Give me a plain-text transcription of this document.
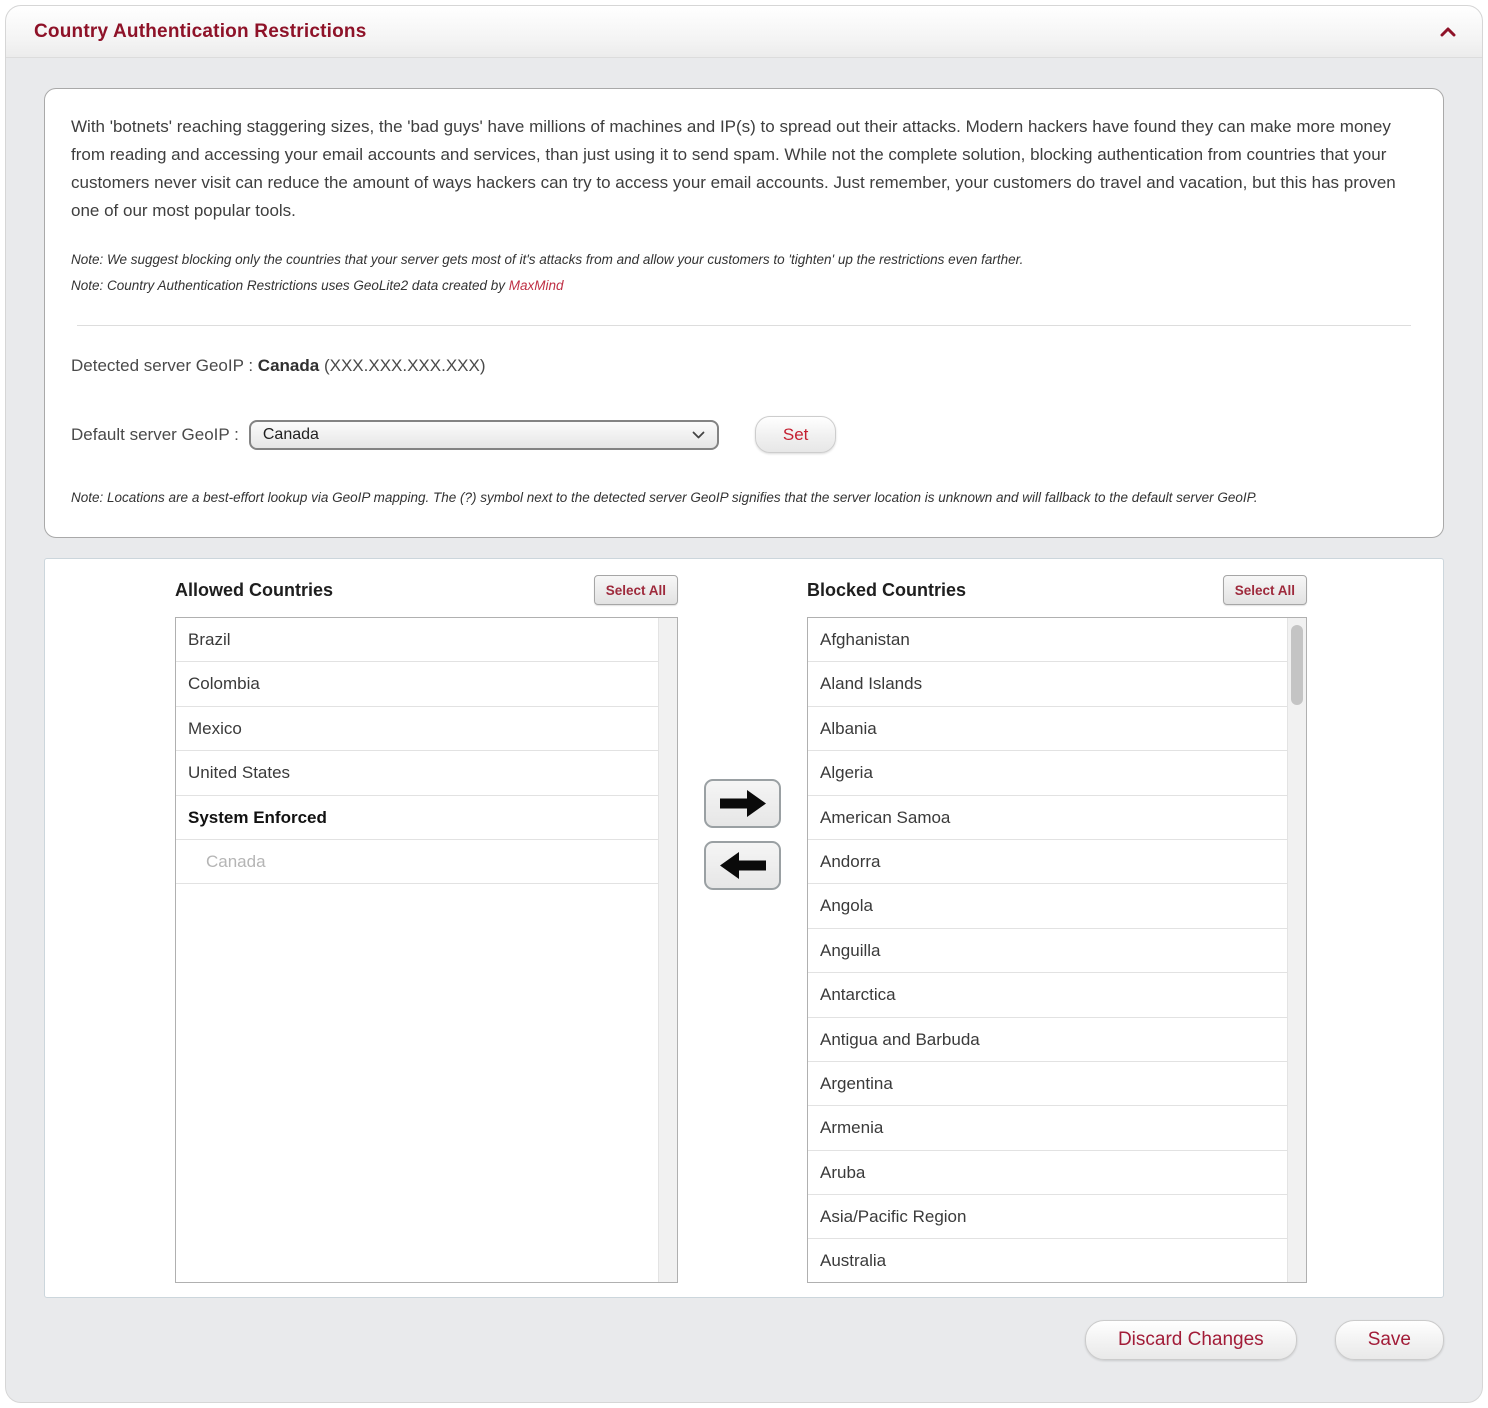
Country Authentication Restrictions

With 'botnets' reaching staggering sizes, the 'bad guys' have millions of machines and IP(s) to spread out their attacks. Modern hackers have found they can make more money from reading and accessing your email accounts and services, than just using it to send spam. While not the complete solution, blocking authentication from countries that your customers never visit can reduce the amount of ways hackers can try to access your email accounts. Just remember, your customers do travel and vacation, but this has proven one of our most popular tools.

Note: We suggest blocking only the countries that your server gets most of it's attacks from and allow your customers to 'tighten' up the restrictions even farther.

Note: Country Authentication Restrictions uses GeoLite2 data created by MaxMind

Detected server GeoIP : Canada (XXX.XXX.XXX.XXX)

Default server GeoIP : Canada	Set

Note: Locations are a best-effort lookup via GeoIP mapping. The (?) symbol next to the detected server GeoIP signifies that the server location is unknown and will fallback to the default server GeoIP.

Allowed Countries	Select All
Brazil
Colombia
Mexico
United States
System Enforced
Canada
Blocked Countries	Select All
Afghanistan
Aland Islands
Albania
Algeria
American Samoa
Andorra
Angola
Anguilla
Antarctica
Antigua and Barbuda
Argentina
Armenia
Aruba
Asia/Pacific Region
Australia
Discard Changes	Save
